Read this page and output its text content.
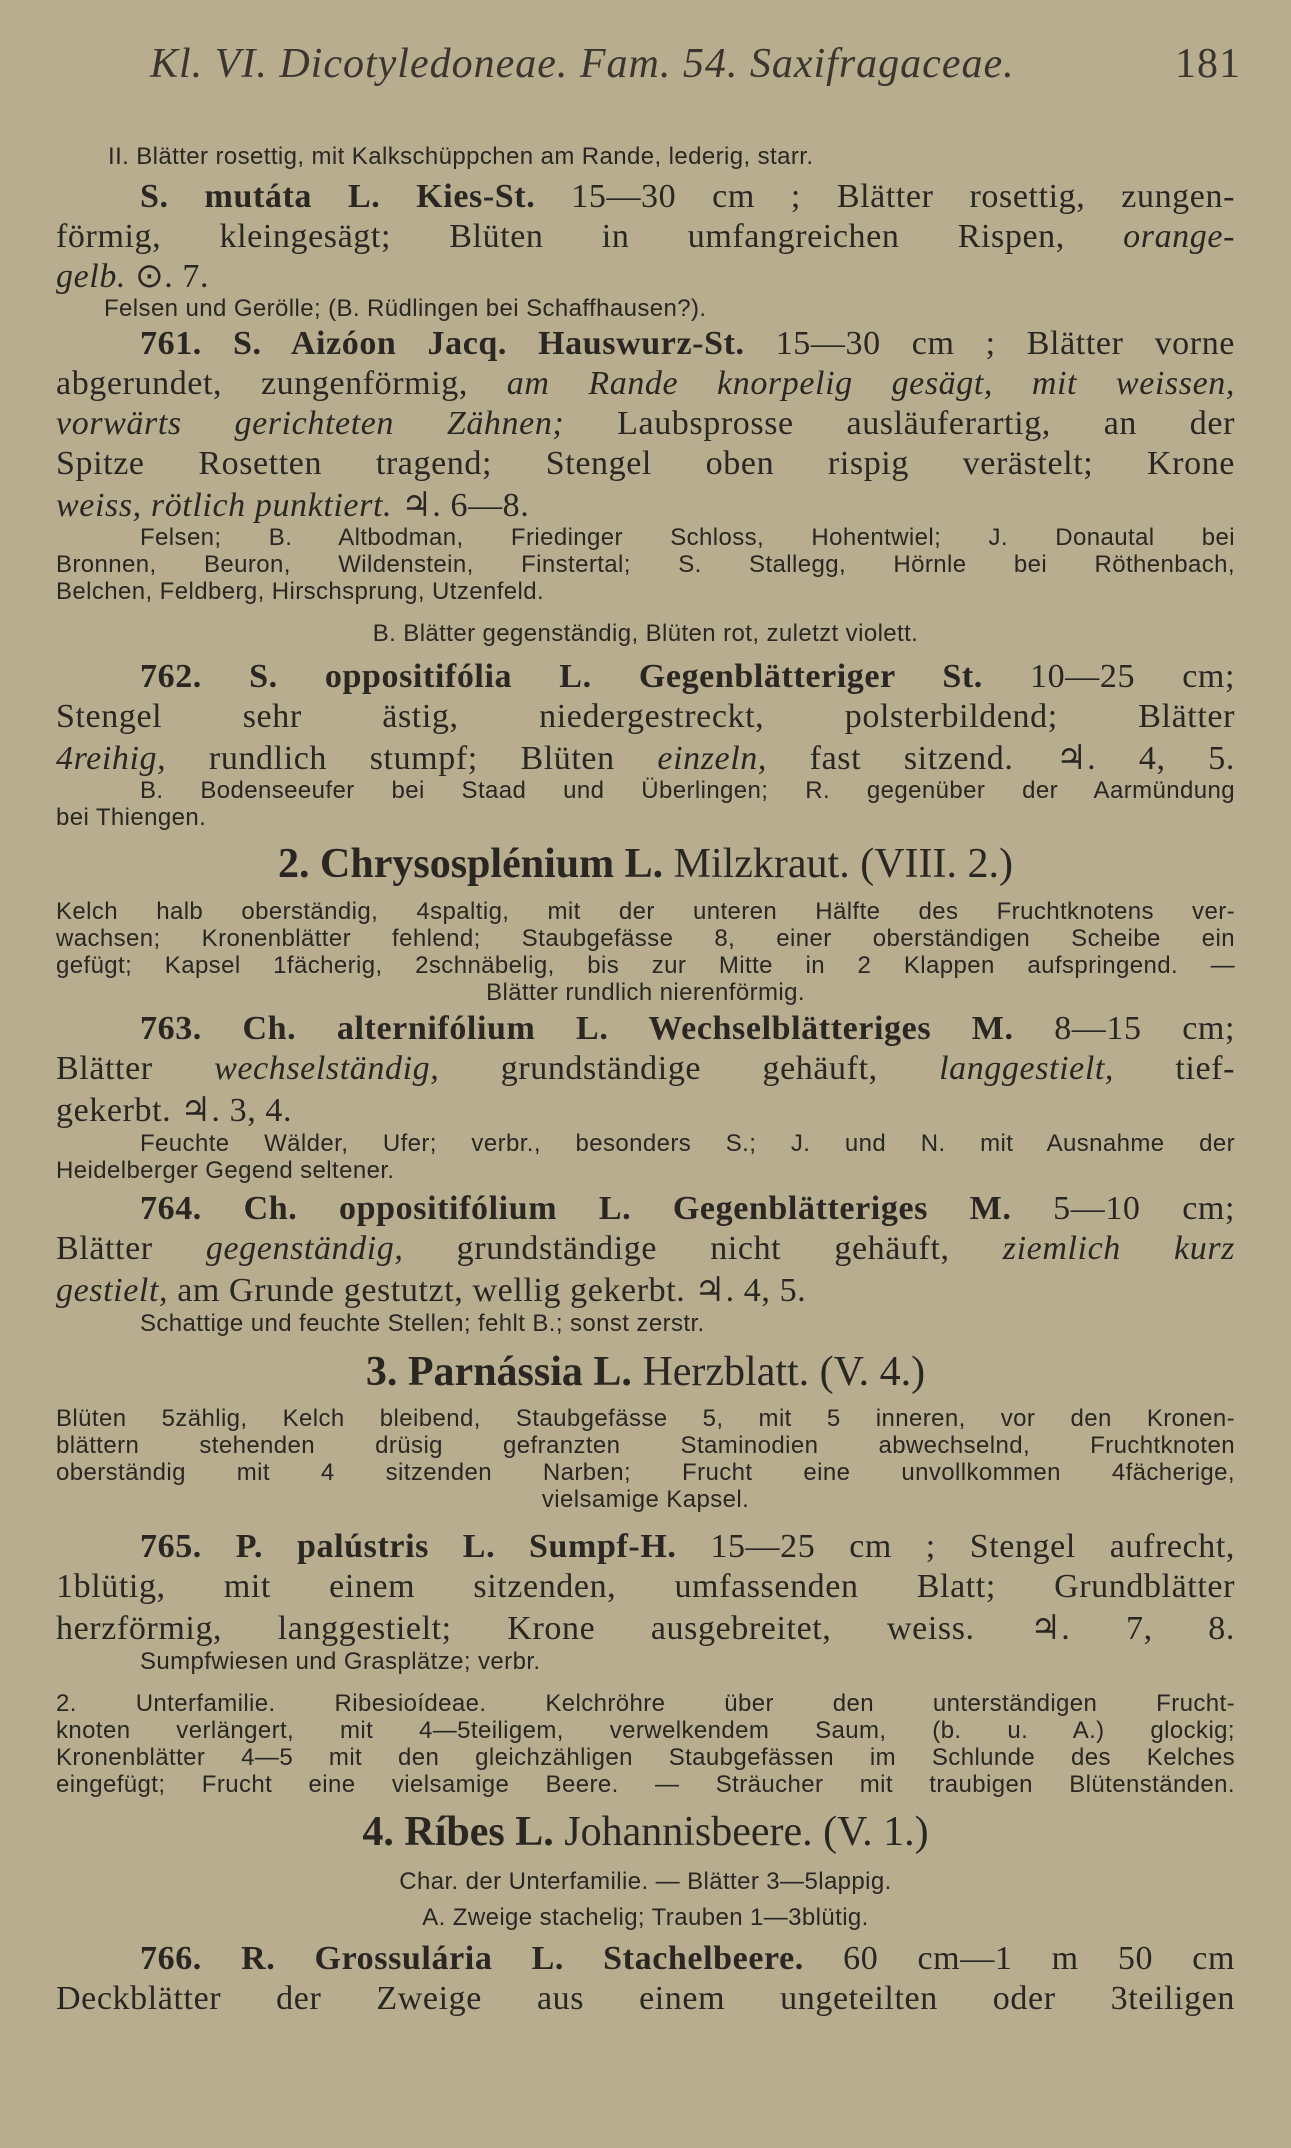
Kl. VI. Dicotyledoneae. Fam. 54. Saxifragaceae.	181
II. Blätter rosettig, mit Kalkschüppchen am Rande, lederig, starr.
S. mutáta L. Kies-St. 15—30 cm ; Blätter rosettig, zungen-
förmig, kleingesägt; Blüten in umfangreichen Rispen, orange-
gelb. ⊙. 7.
Felsen und Gerölle; (B. Rüdlingen bei Schaffhausen?).
761. S. Aizóon Jacq. Hauswurz-St. 15—30 cm ; Blätter vorne
abgerundet, zungenförmig, am Rande knorpelig gesägt, mit weissen,
vorwärts gerichteten Zähnen; Laubsprosse ausläuferartig, an der
Spitze Rosetten tragend; Stengel oben rispig verästelt; Krone
weiss, rötlich punktiert. ♃. 6—8.
Felsen; B. Altbodman, Friedinger Schloss, Hohentwiel; J. Donautal bei
Bronnen, Beuron, Wildenstein, Finstertal; S. Stallegg, Hörnle bei Röthenbach,
Belchen, Feldberg, Hirschsprung, Utzenfeld.
B. Blätter gegenständig, Blüten rot, zuletzt violett.
762. S. oppositifólia L. Gegenblätteriger St. 10—25 cm;
Stengel sehr ästig, niedergestreckt, polsterbildend; Blätter
4reihig, rundlich stumpf; Blüten einzeln, fast sitzend. ♃. 4, 5.
B. Bodenseeufer bei Staad und Überlingen; R. gegenüber der Aarmündung
bei Thiengen.
2. Chrysosplénium L. Milzkraut. (VIII. 2.)
Kelch halb oberständig, 4spaltig, mit der unteren Hälfte des Fruchtknotens ver-
wachsen; Kronenblätter fehlend; Staubgefässe 8, einer oberständigen Scheibe ein
gefügt; Kapsel 1fächerig, 2schnäbelig, bis zur Mitte in 2 Klappen aufspringend. —
Blätter rundlich nierenförmig.
763. Ch. alternifólium L. Wechselblätteriges M. 8—15 cm;
Blätter wechselständig, grundständige gehäuft, langgestielt, tief-
gekerbt. ♃. 3, 4.
Feuchte Wälder, Ufer; verbr., besonders S.; J. und N. mit Ausnahme der
Heidelberger Gegend seltener.
764. Ch. oppositifólium L. Gegenblätteriges M. 5—10 cm;
Blätter gegenständig, grundständige nicht gehäuft, ziemlich kurz
gestielt, am Grunde gestutzt, wellig gekerbt. ♃. 4, 5.
Schattige und feuchte Stellen; fehlt B.; sonst zerstr.
3. Parnássia L. Herzblatt. (V. 4.)
Blüten 5zählig, Kelch bleibend, Staubgefässe 5, mit 5 inneren, vor den Kronen-
blättern stehenden drüsig gefranzten Staminodien abwechselnd, Fruchtknoten
oberständig mit 4 sitzenden Narben; Frucht eine unvollkommen 4fächerige,
vielsamige Kapsel.
765. P. palústris L. Sumpf-H. 15—25 cm ; Stengel aufrecht,
1blütig, mit einem sitzenden, umfassenden Blatt; Grundblätter
herzförmig, langgestielt; Krone ausgebreitet, weiss. ♃. 7, 8.
Sumpfwiesen und Grasplätze; verbr.
2. Unterfamilie. Ribesioídeae. Kelchröhre über den unterständigen Frucht-
knoten verlängert, mit 4—5teiligem, verwelkendem Saum, (b. u. A.) glockig;
Kronenblätter 4—5 mit den gleichzähligen Staubgefässen im Schlunde des Kelches
eingefügt; Frucht eine vielsamige Beere. — Sträucher mit traubigen Blütenständen.
4. Ríbes L. Johannisbeere. (V. 1.)
Char. der Unterfamilie. — Blätter 3—5lappig.
A. Zweige stachelig; Trauben 1—3blütig.
766. R. Grossulária L. Stachelbeere. 60 cm—1 m 50 cm
Deckblätter der Zweige aus einem ungeteilten oder 3teiligen
